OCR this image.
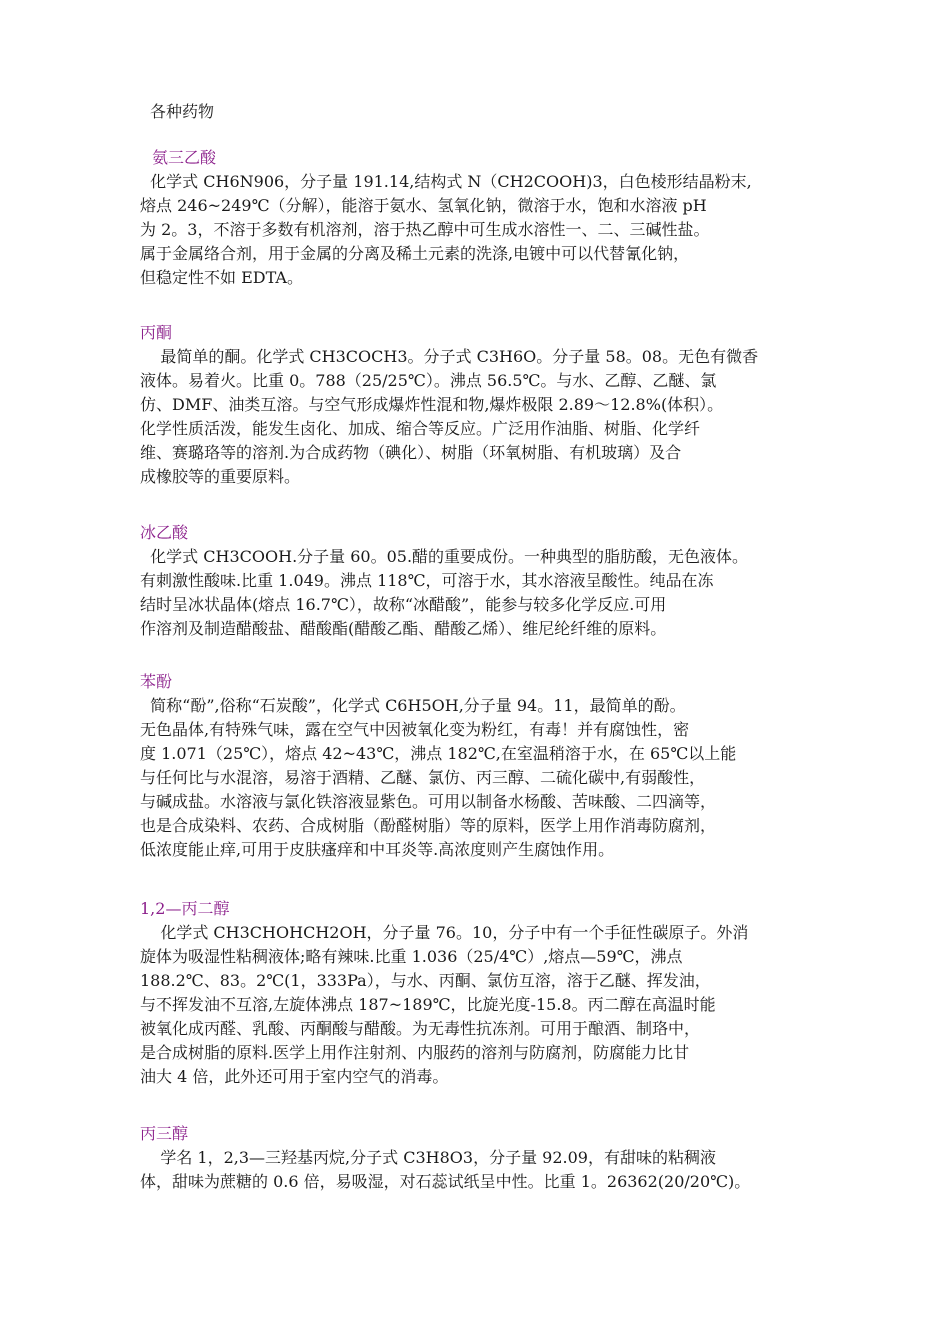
各种药物
氨三乙酸

化学式 CH6N906，分子量 191.14,结构式 N（CH2COOH)3，白色棱形结晶粉末,
熔点 246~249℃（分解），能溶于氨水、氢氧化钠，微溶于水，饱和水溶液 pH
为 2。3，不溶于多数有机溶剂，溶于热乙醇中可生成水溶性一、二、三碱性盐。
属于金属络合剂，用于金属的分离及稀土元素的洗涤,电镀中可以代替氰化钠，
但稳定性不如 EDTA。

丙酮

最简单的酮。化学式 CH3COCH3。分子式 C3H6O。分子量 58。08。无色有微香
液体。易着火。比重 0。788（25/25℃）。沸点 56.5℃。与水、乙醇、乙醚、氯
仿、DMF、油类互溶。与空气形成爆炸性混和物,爆炸极限 2.89～12.8%(体积）。
化学性质活泼，能发生卤化、加成、缩合等反应。广泛用作油脂、树脂、化学纤
维、赛璐珞等的溶剂.为合成药物（碘化）、树脂（环氧树脂、有机玻璃）及合
成橡胶等的重要原料。

冰乙酸

化学式 CH3COOH.分子量 60。05.醋的重要成份。一种典型的脂肪酸，无色液体。
有刺激性酸味.比重 1.049。沸点 118℃，可溶于水，其水溶液呈酸性。纯品在冻
结时呈冰状晶体(熔点 16.7℃），故称“冰醋酸”，能参与较多化学反应.可用
作溶剂及制造醋酸盐、醋酸酯(醋酸乙酯、醋酸乙烯）、维尼纶纤维的原料。

苯酚

简称“酚”,俗称“石炭酸”，化学式 C6H5OH,分子量 94。11，最简单的酚。
无色晶体,有特殊气味，露在空气中因被氧化变为粉红，有毒！并有腐蚀性，密
度 1.071（25℃），熔点 42~43℃，沸点 182℃,在室温稍溶于水，在 65℃以上能
与任何比与水混溶，易溶于酒精、乙醚、氯仿、丙三醇、二硫化碳中,有弱酸性，
与碱成盐。水溶液与氯化铁溶液显紫色。可用以制备水杨酸、苦味酸、二四滴等，
也是合成染料、农药、合成树脂（酚醛树脂）等的原料，医学上用作消毒防腐剂，
低浓度能止痒,可用于皮肤瘙痒和中耳炎等.高浓度则产生腐蚀作用。

1,2—丙二醇

化学式 CH3CHOHCH2OH，分子量 76。10，分子中有一个手征性碳原子。外消
旋体为吸湿性粘稠液体;略有辣味.比重 1.036（25/4℃）,熔点—59℃，沸点
188.2℃、83。2℃(1，333Pa），与水、丙酮、氯仿互溶，溶于乙醚、挥发油，
与不挥发油不互溶,左旋体沸点 187~189℃，比旋光度-15.8。丙二醇在高温时能
被氧化成丙醛、乳酸、丙酮酸与醋酸。为无毒性抗冻剂。可用于酿酒、制珞中，
是合成树脂的原料.医学上用作注射剂、内服药的溶剂与防腐剂，防腐能力比甘
油大 4 倍，此外还可用于室内空气的消毒。

丙三醇

学名 1，2,3—三羟基丙烷,分子式 C3H8O3，分子量 92.09，有甜味的粘稠液
体，甜味为蔗糖的 0.6 倍，易吸湿，对石蕊试纸呈中性。比重 1。26362(20/20℃)。
